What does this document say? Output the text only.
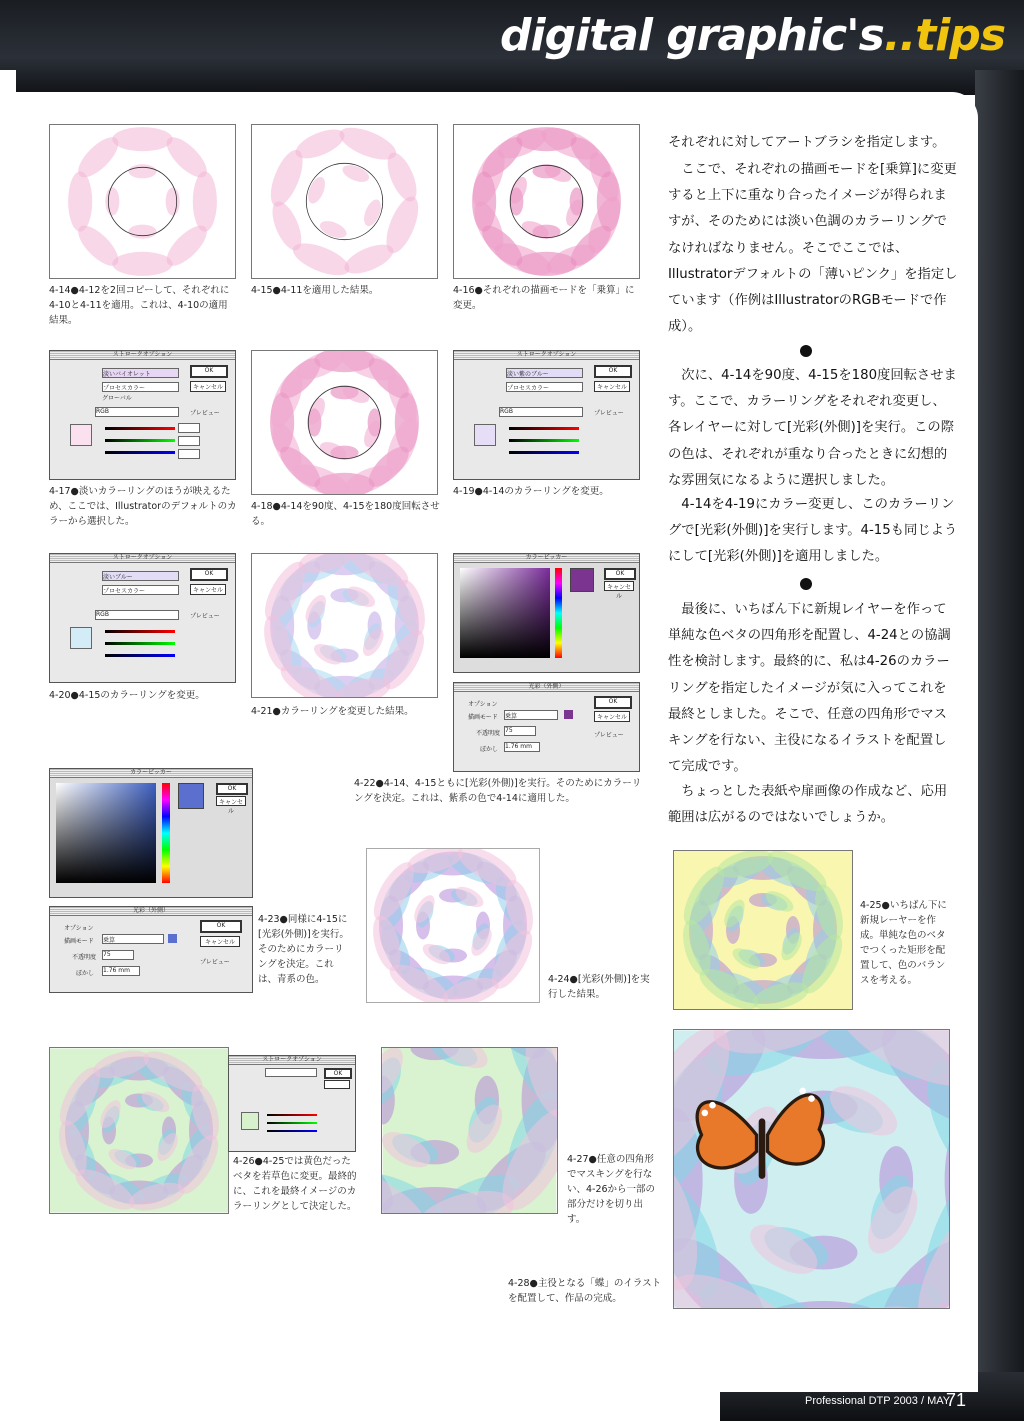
digital graphic's..tips
Professional DTP 2003 / MAY
71
4-14●4-12を2回コピーして、それぞれに4-10と4-11を適用。これは、4-10の適用結果。
4-15●4-11を適用した結果。	4-16●それぞれの描画モードを「乗算」に変更。
ストロークオプション
淡いバイオレット
プロセスカラー
グローバル
RGB
OK
キャンセル
プレビュー
4-17●淡いカラーリングのほうが映えるため、ここでは、Illustratorのデフォルトのカラーから選択した。
4-18●4-14を90度、4-15を180度回転させる。
ストロークオプション
淡い紫のブルー
プロセスカラー
RGB
OK
キャンセル
プレビュー
4-19●4-14のカラーリングを変更。
ストロークオプション
淡いブルー
プロセスカラー
RGB
OK
キャンセル
プレビュー
4-20●4-15のカラーリングを変更。
4-21●カラーリングを変更した結果。
カラーピッカー
OK
キャンセル
光彩（外側）
オプション
描画モード 乗算
不透明度 75
ぼかし 1.76 mm
OK
キャンセル
プレビュー
4-22●4-14、4-15ともに[光彩(外側)]を実行。そのためにカラーリングを決定。これは、紫系の色で4-14に適用した。
カラーピッカー
OK
キャンセル
光彩（外側）
オプション
描画モード 乗算
不透明度 75
ぼかし 1.76 mm
OK
キャンセル
プレビュー
4-23●同様に4-15に[光彩(外側)]を実行。そのためにカラーリングを決定。これは、青系の色。	4-24●[光彩(外側)]を実行した結果。
4-25●いちばん下に新規レーヤーを作成。単純な色のベタでつくった矩形を配置して、色のバランスを考える。
ストロークオプション
OK
4-26●4-25では黄色だったベタを若草色に変更。最終的に、これを最終イメージのカラーリングとして決定した。
4-27●任意の四角形でマスキングを行ない、4-26から一部の部分だけを切り出す。
4-28●主役となる「蝶」のイラストを配置して、作品の完成。
それぞれに対してアートブラシを指定します。
ここで、それぞれの描画モードを[乗算]に変更すると上下に重なり合ったイメージが得られますが、そのためには淡い色調のカラーリングでなければなりません。そこでここでは、Illustratorデフォルトの「薄いピンク」を指定しています（作例はIllustratorのRGBモードで作成）。
次に、4-14を90度、4-15を180度回転させます。ここで、カラーリングをそれぞれ変更し、各レイヤーに対して[光彩(外側)]を実行。この際の色は、それぞれが重なり合ったときに幻想的な雰囲気になるように選択しました。
4-14を4-19にカラー変更し、このカラーリングで[光彩(外側)]を実行します。4-15も同じようにして[光彩(外側)]を適用しました。
最後に、いちばん下に新規レイヤーを作って単純な色ベタの四角形を配置し、4-24との協調性を検討します。最終的に、私は4-26のカラーリングを指定したイメージが気に入ってこれを最終としました。そこで、任意の四角形でマスキングを行ない、主役になるイラストを配置して完成です。
ちょっとした表紙や扉画像の作成など、応用範囲は広がるのではないでしょうか。
